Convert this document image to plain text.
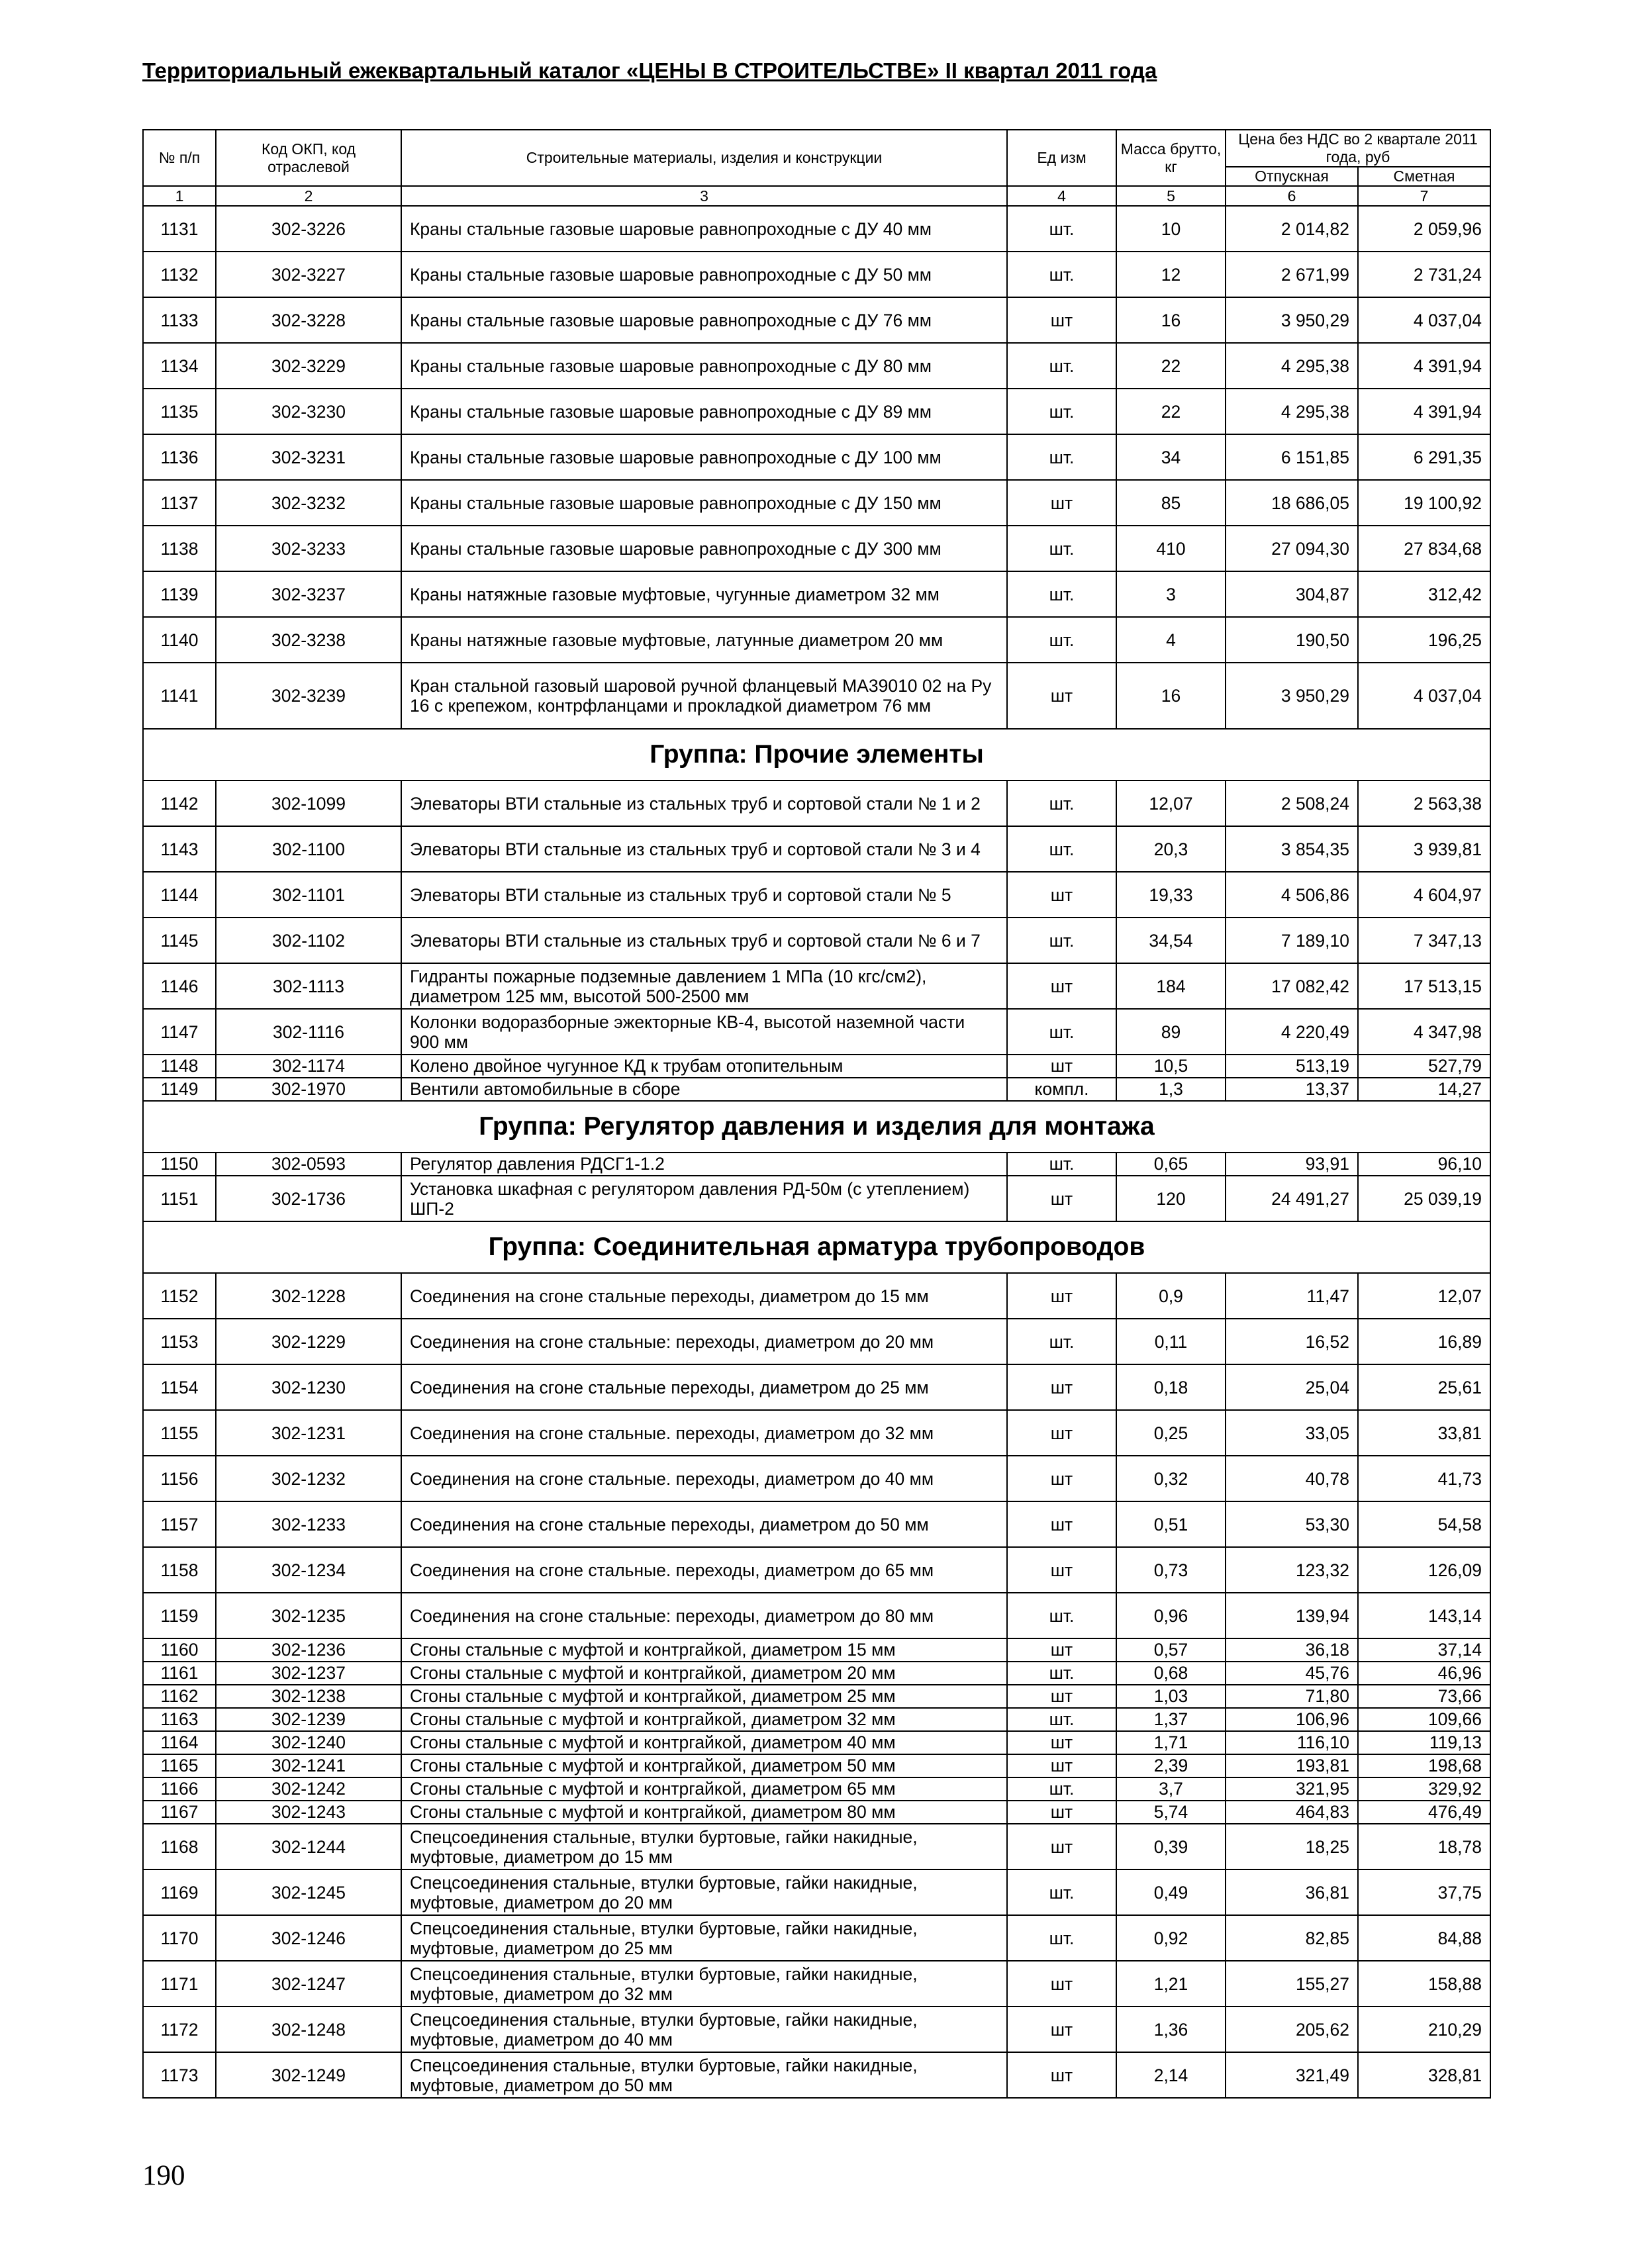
Территориальный ежеквартальный каталог «ЦЕНЫ В СТРОИТЕЛЬСТВЕ» II квартал 2011 года
№ п/п	Код ОКП, код отраслевой	Строительные материалы, изделия и конструкции	Ед изм	Масса брутто, кг	Цена без НДС во 2 квартале 2011 года, руб	
					Отпускная	Сметная
1	2	3	4	5	6	7
1131	302-3226	Краны стальные газовые шаровые равнопроходные с ДУ 40 мм	шт.	10	2 014,82	2 059,96
1132	302-3227	Краны стальные газовые шаровые равнопроходные с ДУ 50 мм	шт.	12	2 671,99	2 731,24
1133	302-3228	Краны стальные газовые шаровые равнопроходные с ДУ 76 мм	шт	16	3 950,29	4 037,04
1134	302-3229	Краны стальные газовые шаровые равнопроходные с ДУ 80 мм	шт.	22	4 295,38	4 391,94
1135	302-3230	Краны стальные газовые шаровые равнопроходные с ДУ 89 мм	шт.	22	4 295,38	4 391,94
1136	302-3231	Краны стальные газовые шаровые равнопроходные с ДУ 100 мм	шт.	34	6 151,85	6 291,35
1137	302-3232	Краны стальные газовые шаровые равнопроходные с ДУ 150 мм	шт	85	18 686,05	19 100,92
1138	302-3233	Краны стальные газовые шаровые равнопроходные с ДУ 300 мм	шт.	410	27 094,30	27 834,68
1139	302-3237	Краны натяжные газовые муфтовые, чугунные диаметром 32 мм	шт.	3	304,87	312,42
1140	302-3238	Краны натяжные газовые муфтовые, латунные диаметром 20 мм	шт.	4	190,50	196,25
1141	302-3239	Кран стальной газовый шаровой ручной фланцевый МА39010 02 на Ру 16 с крепежом, контрфланцами и прокладкой диаметром 76 мм	шт	16	3 950,29	4 037,04
Группа: Прочие элементы						
1142	302-1099	Элеваторы ВТИ стальные из стальных труб и сортовой стали № 1 и 2	шт.	12,07	2 508,24	2 563,38
1143	302-1100	Элеваторы ВТИ стальные из стальных труб и сортовой стали № 3 и 4	шт.	20,3	3 854,35	3 939,81
1144	302-1101	Элеваторы ВТИ стальные из стальных труб и сортовой стали № 5	шт	19,33	4 506,86	4 604,97
1145	302-1102	Элеваторы ВТИ стальные из стальных труб и сортовой стали № 6 и 7	шт.	34,54	7 189,10	7 347,13
1146	302-1113	Гидранты пожарные подземные давлением 1 МПа (10 кгс/см2), диаметром 125 мм, высотой 500-2500 мм	шт	184	17 082,42	17 513,15
1147	302-1116	Колонки водоразборные эжекторные КВ-4, высотой наземной части 900 мм	шт.	89	4 220,49	4 347,98
1148	302-1174	Колено двойное чугунное КД к трубам отопительным	шт	10,5	513,19	527,79
1149	302-1970	Вентили автомобильные в сборе	компл.	1,3	13,37	14,27
Группа: Регулятор давления и изделия для монтажа						
1150	302-0593	Регулятор давления РДСГ1-1.2	шт.	0,65	93,91	96,10
1151	302-1736	Установка шкафная с регулятором давления РД-50м (с утеплением) ШП-2	шт	120	24 491,27	25 039,19
Группа: Соединительная арматура трубопроводов						
1152	302-1228	Соединения на сгоне стальные переходы, диаметром до 15 мм	шт	0,9	11,47	12,07
1153	302-1229	Соединения на сгоне стальные: переходы, диаметром до 20 мм	шт.	0,11	16,52	16,89
1154	302-1230	Соединения на сгоне стальные переходы, диаметром до 25 мм	шт	0,18	25,04	25,61
1155	302-1231	Соединения на сгоне стальные. переходы, диаметром до 32 мм	шт	0,25	33,05	33,81
1156	302-1232	Соединения на сгоне стальные. переходы, диаметром до 40 мм	шт	0,32	40,78	41,73
1157	302-1233	Соединения на сгоне стальные переходы, диаметром до 50 мм	шт	0,51	53,30	54,58
1158	302-1234	Соединения на сгоне стальные. переходы, диаметром до 65 мм	шт	0,73	123,32	126,09
1159	302-1235	Соединения на сгоне стальные: переходы, диаметром до 80 мм	шт.	0,96	139,94	143,14
1160	302-1236	Сгоны стальные с муфтой и контргайкой, диаметром 15 мм	шт	0,57	36,18	37,14
1161	302-1237	Сгоны стальные с муфтой и контргайкой, диаметром 20 мм	шт.	0,68	45,76	46,96
1162	302-1238	Сгоны стальные с муфтой и контргайкой, диаметром 25 мм	шт	1,03	71,80	73,66
1163	302-1239	Сгоны стальные с муфтой и контргайкой, диаметром 32 мм	шт.	1,37	106,96	109,66
1164	302-1240	Сгоны стальные с муфтой и контргайкой, диаметром 40 мм	шт	1,71	116,10	119,13
1165	302-1241	Сгоны стальные с муфтой и контргайкой, диаметром 50 мм	шт	2,39	193,81	198,68
1166	302-1242	Сгоны стальные с муфтой и контргайкой, диаметром 65 мм	шт.	3,7	321,95	329,92
1167	302-1243	Сгоны стальные с муфтой и контргайкой, диаметром 80 мм	шт	5,74	464,83	476,49
1168	302-1244	Спецсоединения стальные, втулки буртовые, гайки накидные, муфтовые, диаметром до 15 мм	шт	0,39	18,25	18,78
1169	302-1245	Спецсоединения стальные, втулки буртовые, гайки накидные, муфтовые, диаметром до 20 мм	шт.	0,49	36,81	37,75
1170	302-1246	Спецсоединения стальные, втулки буртовые, гайки накидные, муфтовые, диаметром до 25 мм	шт.	0,92	82,85	84,88
1171	302-1247	Спецсоединения стальные, втулки буртовые, гайки накидные, муфтовые, диаметром до 32 мм	шт	1,21	155,27	158,88
1172	302-1248	Спецсоединения стальные, втулки буртовые, гайки накидные, муфтовые, диаметром до 40 мм	шт	1,36	205,62	210,29
1173	302-1249	Спецсоединения стальные, втулки буртовые, гайки накидные, муфтовые, диаметром до 50 мм	шт	2,14	321,49	328,81
190
